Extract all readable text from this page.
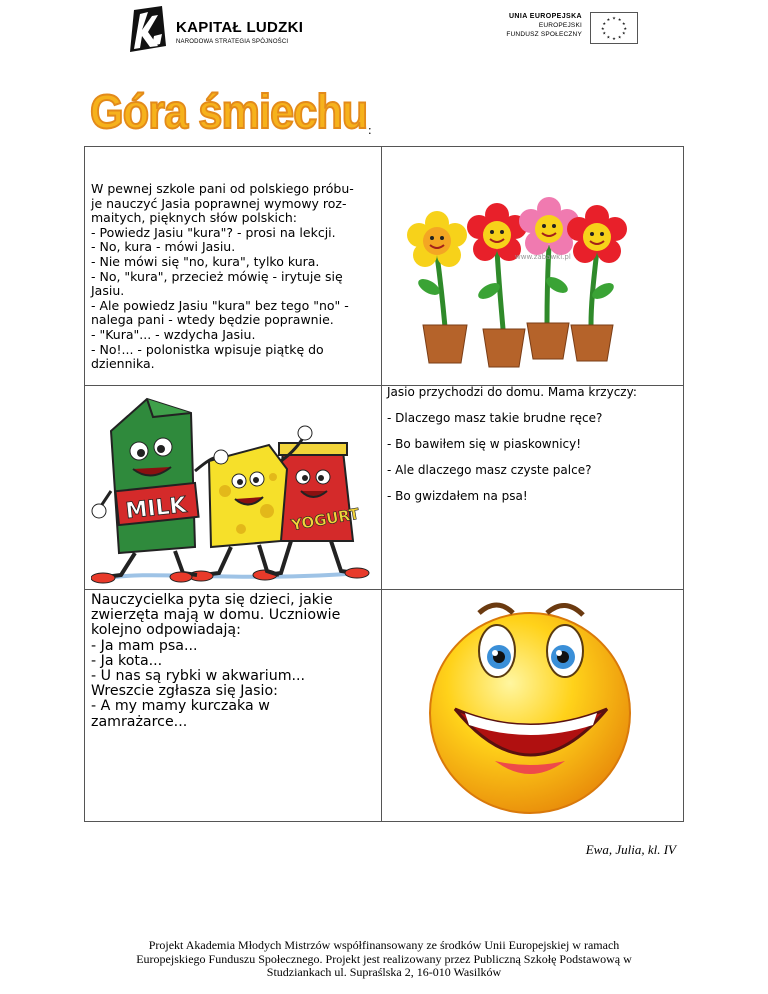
KAPITAŁ LUDZKI
NARODOWA STRATEGIA SPÓJNOŚCI
UNIA EUROPEJSKA
EUROPEJSKI
FUNDUSZ SPOŁECZNY
★ ★
★
★
★
★
★
★
★
★
★
★
Góra śmiechu :
W pewnej szkole pani od polskiego próbu-
je nauczyć Jasia poprawnej wymowy roz-
maitych, pięknych słów polskich:
- Powiedz Jasiu "kura"? - prosi na lekcji.
- No, kura - mówi Jasiu.
- Nie mówi się "no, kura", tylko kura.
- No, "kura", przecież mówię - irytuje się
Jasiu.
- Ale powiedz Jasiu "kura" bez tego "no" -
nalega pani - wtedy będzie poprawnie.
- "Kura"... - wzdycha Jasiu.
- No!... - polonistka wpisuje piątkę do
dziennika.
www.zabawki.pl
YOGURT
MILK

Jasio przychodzi do domu. Mama krzyczy:

- Dlaczego masz takie brudne ręce?

- Bo bawiłem się w piaskownicy!

- Ale dlaczego masz czyste palce?

- Bo gwizdałem na psa!

Nauczycielka pyta się dzieci, jakie
zwierzęta mają w domu. Uczniowie
kolejno odpowiadają:
- Ja mam psa...
- Ja kota...
- U nas są rybki w akwarium...
Wreszcie zgłasza się Jasio:
- A my mamy kurczaka w
zamrażarce...
Ewa, Julia, kl. IV
Projekt Akademia Młodych Mistrzów współfinansowany ze środków Unii Europejskiej w ramach
Europejskiego Funduszu Społecznego. Projekt jest realizowany przez Publiczną Szkołę Podstawową w
Studziankach ul. Supraślska 2, 16-010 Wasilków
